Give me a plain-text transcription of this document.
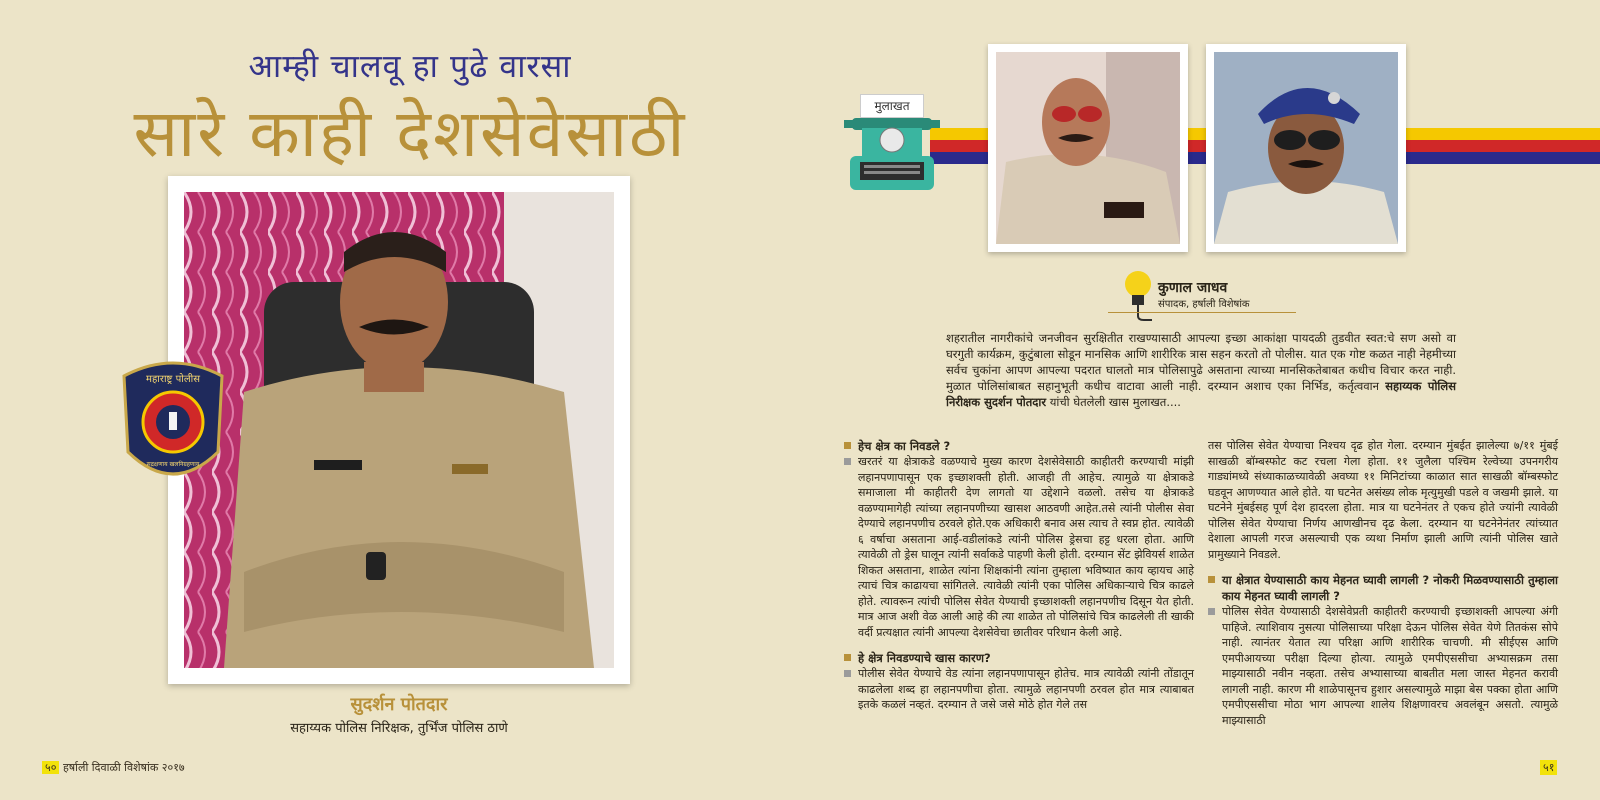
आम्ही चालवू हा पुढे वारसा
सारे काही देशसेवेसाठी
महाराष्ट्र पोलीस
सद्रक्षणाय खलनिग्रहणाय
सुदर्शन पोतदार
सहाय्यक पोलिस निरिक्षक, तुर्भिंज पोलिस ठाणे
५० हर्षाली दिवाळी विशेषांक २०१७	५१
मुलाखत
कुणाल जाधव
संपादक, हर्षाली विशेषांक
शहरातील नागरीकांचे जनजीवन सुरक्षितीत राखण्यासाठी आपल्या इच्छा आकांक्षा पायदळी तुडवीत स्वत:चे सण असो वा घरगुती कार्यक्रम, कुटुंबाला सोडून मानसिक आणि शारीरिक त्रास सहन करतो तो पोलीस. यात एक गोष्ट कळत नाही नेहमीच्या सर्वच चुकांना आपण आपल्या पदरात घालतो मात्र पोलिसापुढे असताना त्याच्या मानसिकतेबाबत कधीच विचार करत नाही. मुळात पोलिसांबाबत सहानुभूती कधीच वाटावा आली नाही. दरम्यान अशाच एका निर्भिड, कर्तृत्ववान सहाय्यक पोलिस निरीक्षक सुदर्शन पोतदार यांची घेतलेली खास मुलाखत....
हेच क्षेत्र का निवडले ?
खरतरं या क्षेत्राकडे वळण्याचे मुख्य कारण देशसेवेसाठी काहीतरी करण्याची मांझी लहानपणापासून एक इच्छाशक्ती होती. आजही ती आहेच. त्यामुळे या क्षेत्राकडे समाजाला मी काहीतरी देण लागतो या उद्देशाने वळलो. तसेच या क्षेत्राकडे वळण्यामागेही त्यांच्या लहानपणीच्या खासश आठवणी आहेत.तसे त्यांनी पोलीस सेवा देण्याचे लहानपणीच ठरवले होते.एक अधिकारी बनाव अस त्याच ते स्वप्न होत. त्यावेळी ६ वर्षाचा असताना आई-वडीलांकडे त्यांनी पोलिस ड्रेसचा हट्ट धरला होता. आणि त्यावेळी तो ड्रेस घालून त्यांनी सर्वाकडे पाहणी केली होती. दरम्यान सेंट झेवियर्स शाळेत शिकत असताना, शाळेत त्यांना शिक्षकांनी त्यांना तुम्हाला भविष्यात काय व्हायच आहे त्याचं चित्र काढायचा सांगितले. त्यावेळी त्यांनी एका पोलिस अधिकाऱ्याचे चित्र काढले होते. त्यावरून त्यांची पोलिस सेवेत येण्याची इच्छाशक्ती लहानपणीच दिसून येत होती. मात्र आज अशी वेळ आली आहे की त्या शाळेत तो पोलिसांचे चित्र काढलेली ती खाकी वर्दी प्रत्यक्षात त्यांनी आपल्या देशसेवेचा छातीवर परिधान केली आहे.
हे क्षेत्र निवडण्याचे खास कारण?
पोलीस सेवेत येण्याचे वेड त्यांना लहानपणापासून होतेच. मात्र त्यावेळी त्यांनी तोंडातून काढलेला शब्द हा लहानपणीचा होता. त्यामुळे लहानपणी ठरवल होत मात्र त्याबाबत इतके कळलं नव्हतं. दरम्यान ते जसे जसे मोठे होत गेले तस
तस पोलिस सेवेत येण्याचा निश्चय दृढ होत गेला. दरम्यान मुंबईत झालेल्या ७/११ मुंबई साखळी बॉम्बस्फोट कट रचला गेला होता. ११ जुलैला पश्चिम रेल्वेच्या उपनगरीय गाड्यांमध्ये संध्याकाळच्यावेळी अवघ्या ११ मिनिटांच्या काळात सात साखळी बॉम्बस्फोट घडवून आणण्यात आले होते. या घटनेत असंख्य लोक मृत्युमुखी पडले व जखमी झाले. या घटनेने मुंबईसह पूर्ण देश हादरला होता. मात्र या घटनेनंतर ते एकच होते ज्यांनी त्यावेळी पोलिस सेवेत येण्याचा निर्णय आणखीनच दृढ केला. दरम्यान या घटनेनेनंतर त्यांच्यात देशाला आपली गरज असल्याची एक व्यथा निर्माण झाली आणि त्यांनी पोलिस खाते प्रामुख्याने निवडले.
या क्षेत्रात येण्यासाठी काय मेहनत घ्यावी लागली ? नोकरी मिळवण्यासाठी तुम्हाला काय मेहनत घ्यावी लागली ?
पोलिस सेवेत येण्यासाठी देशसेवेप्रती काहीतरी करण्याची इच्छाशक्ती आपल्या अंगी पाहिजे. त्याशिवाय नुसत्या पोलिसाच्या परिक्षा देऊन पोलिस सेवेत येणे तितकंस सोपे नाही. त्यानंतर येतात त्या परिक्षा आणि शारीरिक चाचणी. मी सीईएस आणि एमपीआयच्या परीक्षा दिल्या होत्या. त्यामुळे एमपीएससीचा अभ्यासक्रम तसा माझ्यासाठी नवीन नव्हता. तसेच अभ्यासाच्या बाबतीत मला जास्त मेहनत करावी लागली नाही. कारण मी शाळेपासूनच हुशार असल्यामुळे माझा बेस पक्का होता आणि एमपीएससीचा मोठा भाग आपल्या शालेय शिक्षणावरच अवलंबून असतो. त्यामुळे माझ्यासाठी
